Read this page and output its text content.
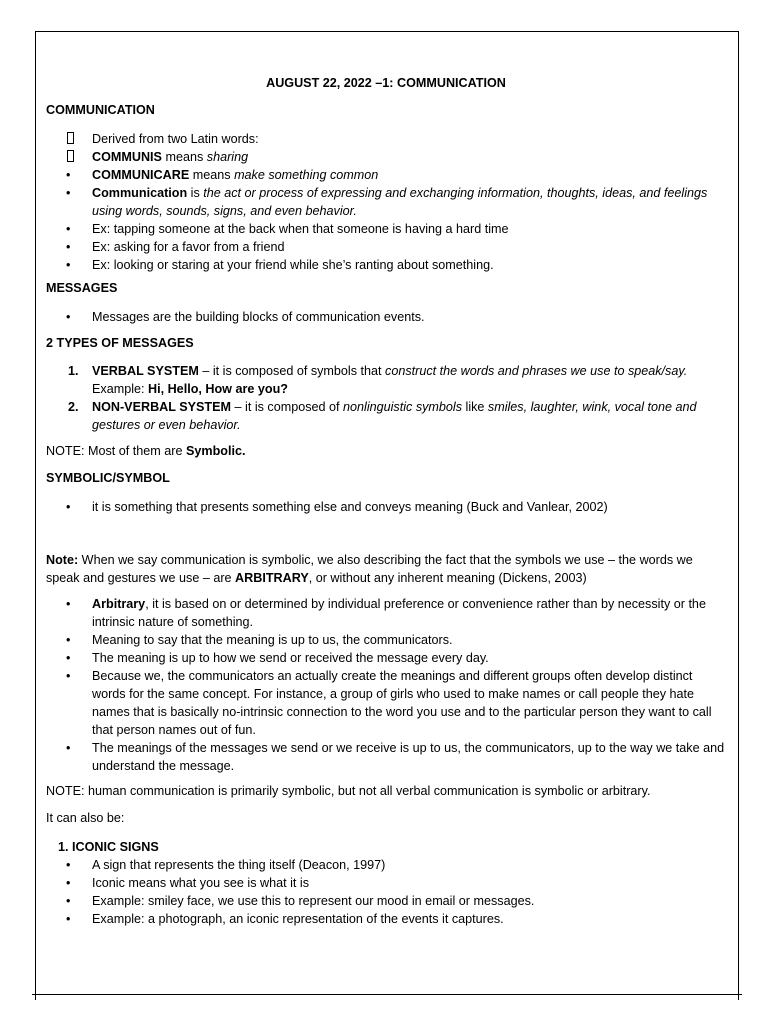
AUGUST 22, 2022 –1: COMMUNICATION

COMMUNICATION

Derived from two Latin words:
COMMUNIS means sharing
• COMMUNICARE means make something common
• Communication is the act or process of expressing and exchanging information, thoughts, ideas, and feelings using words, sounds, signs, and even behavior.
• Ex: tapping someone at the back when that someone is having a hard time
• Ex: asking for a favor from a friend
• Ex: looking or staring at your friend while she’s ranting about something.

MESSAGES

• Messages are the building blocks of communication events.

2 TYPES OF MESSAGES

1. VERBAL SYSTEM – it is composed of symbols that construct the words and phrases we use to speak/say.
Example: Hi, Hello, How are you?
2. NON-VERBAL SYSTEM – it is composed of nonlinguistic symbols like smiles, laughter, wink, vocal tone and gestures or even behavior.

NOTE: Most of them are Symbolic.

SYMBOLIC/SYMBOL

• it is something that presents something else and conveys meaning (Buck and Vanlear, 2002)

Note: When we say communication is symbolic, we also describing the fact that the symbols we use – the words we speak and gestures we use – are ARBITRARY, or without any inherent meaning (Dickens, 2003)

• Arbitrary, it is based on or determined by individual preference or convenience rather than by necessity or the intrinsic nature of something.
• Meaning to say that the meaning is up to us, the communicators.
• The meaning is up to how we send or received the message every day.
• Because we, the communicators an actually create the meanings and different groups often develop distinct words for the same concept. For instance, a group of girls who used to make names or call people they hate names that is basically no-intrinsic connection to the word you use and to the particular person they want to call that person names out of fun.
• The meanings of the messages we send or we receive is up to us, the communicators, up to the way we take and understand the message.

NOTE: human communication is primarily symbolic, but not all verbal communication is symbolic or arbitrary.

It can also be:

1. ICONIC SIGNS
• A sign that represents the thing itself (Deacon, 1997)
• Iconic means what you see is what it is
• Example: smiley face, we use this to represent our mood in email or messages.
• Example: a photograph, an iconic representation of the events it captures.
